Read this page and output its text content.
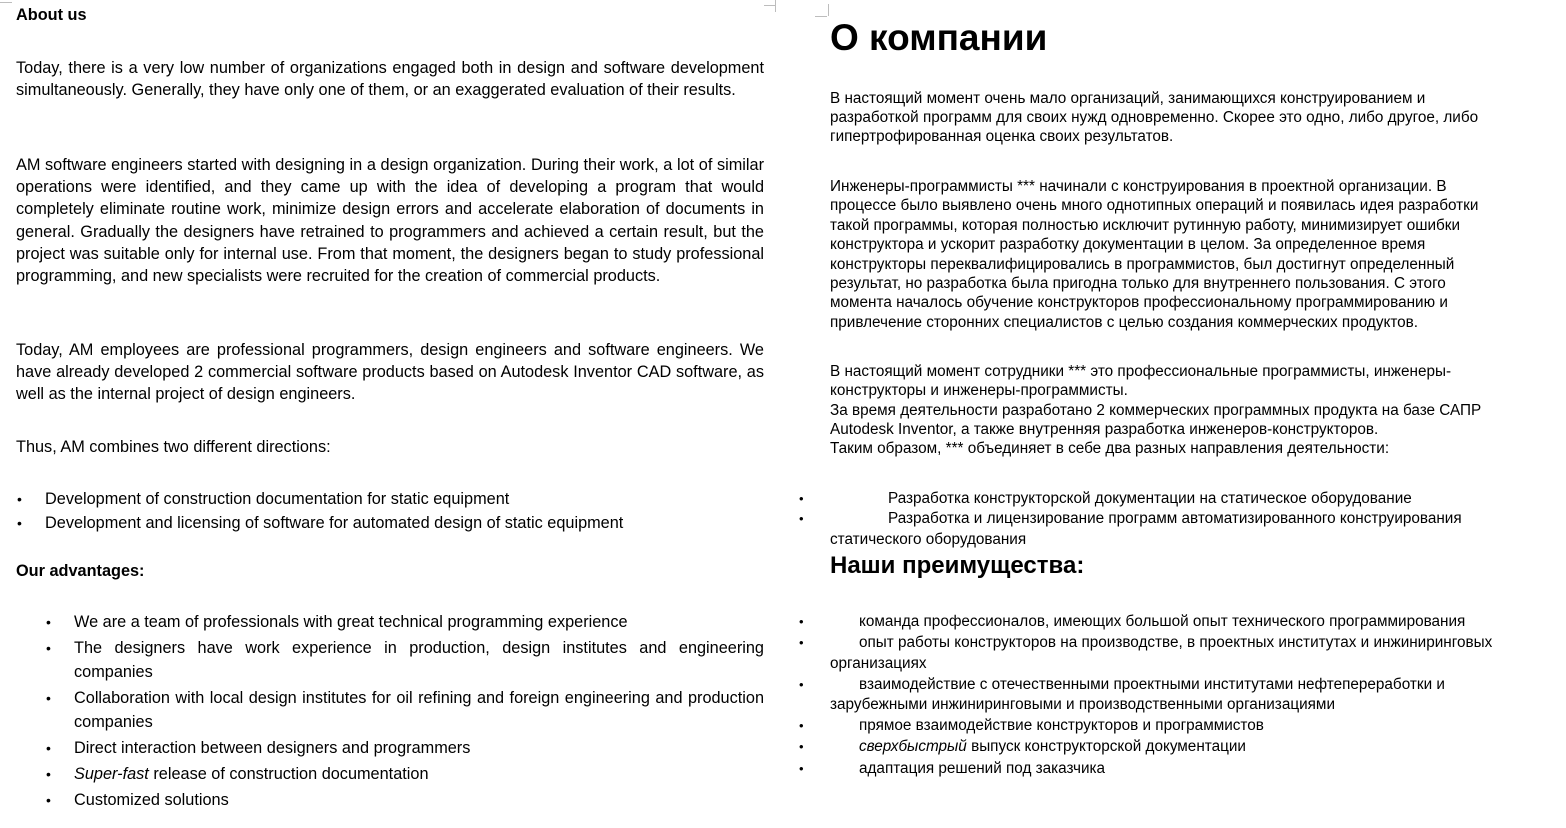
About us

Today, there is a very low number of organizations engaged both in design and software development simultaneously. Generally, they have only one of them, or an exaggerated evaluation of their results.

AM software engineers started with designing in a design organization. During their work, a lot of similar operations were identified, and they came up with the idea of developing a program that would completely eliminate routine work, minimize design errors and accelerate elaboration of documents in general. Gradually the designers have retrained to programmers and achieved a certain result, but the project was suitable only for internal use. From that moment, the designers began to study professional programming, and new specialists were recruited for the creation of commercial products.

Today, AM employees are professional programmers, design engineers and software engineers. We have already developed 2 commercial software products based on Autodesk Inventor CAD software, as well as the internal project of design engineers.

Thus, AM combines two different directions:

• Development of construction documentation for static equipment
• Development and licensing of software for automated design of static equipment
Our advantages:
• We are a team of professionals with great technical programming experience
• The designers have work experience in production, design institutes and engineering companies
• Collaboration with local design institutes for oil refining and foreign engineering and production companies
• Direct interaction between designers and programmers
• Super-fast release of construction documentation
• Customized solutions
О компании
В настоящий момент очень мало организаций, занимающихся конструированием и
разработкой программ для своих нужд одновременно. Скорее это одно, либо другое, либо
гипертрофированная оценка своих результатов.
Инженеры-программисты *** начинали с конструирования в проектной организации. В
процессе было выявлено очень много однотипных операций и появилась идея разработки
такой программы, которая полностью исключит рутинную работу, минимизирует ошибки
конструктора и ускорит разработку документации в целом. За определенное время
конструкторы переквалифицировались в программистов, был достигнут определенный
результат, но разработка была пригодна только для внутреннего пользования. С этого
момента началось обучение конструкторов профессиональному программированию и
привлечение сторонних специалистов с целью создания коммерческих продуктов.
В настоящий момент сотрудники *** это профессиональные программисты, инженеры-
конструкторы и инженеры-программисты.
За время деятельности разработано 2 коммерческих программных продукта на базе САПР
Autodesk Inventor, а также внутренняя разработка инженеров-конструкторов.
Таким образом, *** объединяет в себе два разных направления деятельности:
•	Разработка конструкторской документации на статическое оборудование
•	Разработка и лицензирование программ автоматизированного конструирования
статического оборудования
Наши преимущества:
•	команда профессионалов, имеющих большой опыт технического программирования
•	опыт работы конструкторов на производстве, в проектных институтах и инжиниринговых
организациях
•	взаимодействие с отечественными проектными институтами нефтепереработки и
зарубежными инжиниринговыми и производственными организациями
•	прямое взаимодействие конструкторов и программистов
•	сверхбыстрый выпуск конструкторской документации
•	адаптация решений под заказчика
